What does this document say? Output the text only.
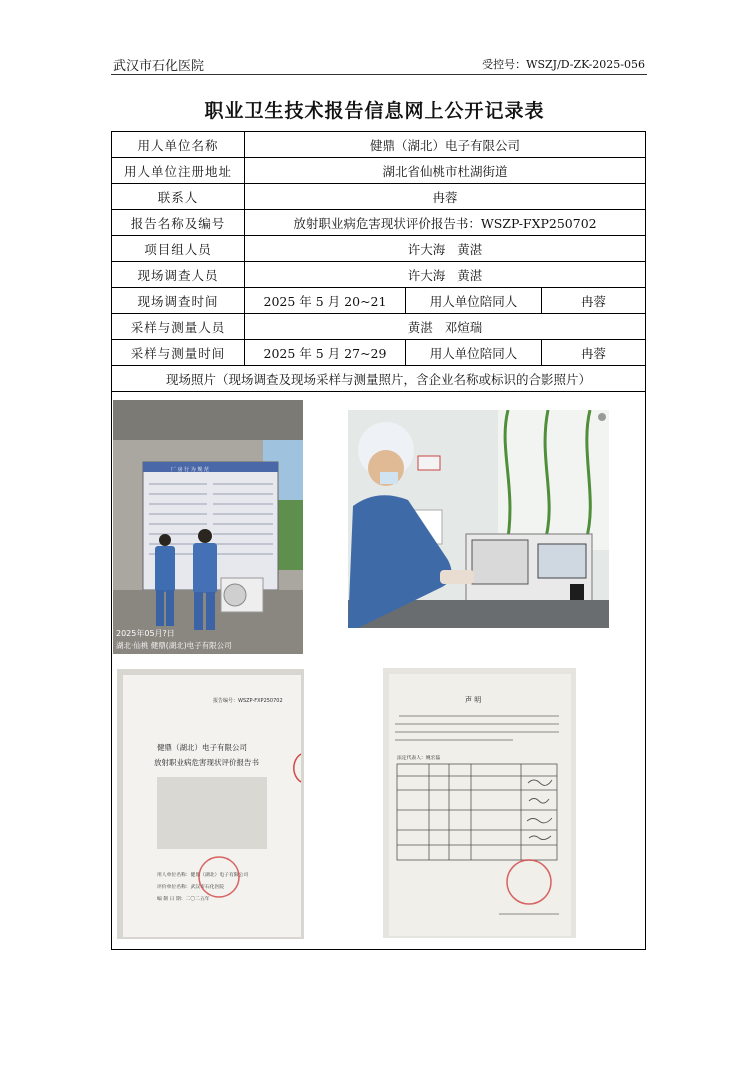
武汉市石化医院	受控号：WSZJ/D-ZK-2025-056
职业卫生技术报告信息网上公开记录表
用人单位名称	健鼎（湖北）电子有限公司
用人单位注册地址	湖北省仙桃市杜湖街道
联系人	冉蓉
报告名称及编号	放射职业病危害现状评价报告书：WSZP-FXP250702
项目组人员	许大海   黄湛
现场调查人员	许大海   黄湛
现场调查时间	2025 年 5 月 20~21	用人单位陪同人	冉蓉
采样与测量人员	黄湛   邓煊瑞
采样与测量时间	2025 年 5 月 27~29	用人单位陪同人	冉蓉
现场照片（现场调查及现场采样与测量照片，含企业名称或标识的合影照片）
厂 房 行 为 规 范
2025年05月?日
湖北·仙桃 健鼎(湖北)电子有限公司
报告编号：WSZP-FXP250702
健鼎（湖北）电子有限公司
放射职业病危害现状评价报告书
用人单位名称：健鼎（湖北）电子有限公司
评价单位名称：武汉市石化医院
编 制 日 期：二〇二五年
声 明
法定代表人：姚宏磊
